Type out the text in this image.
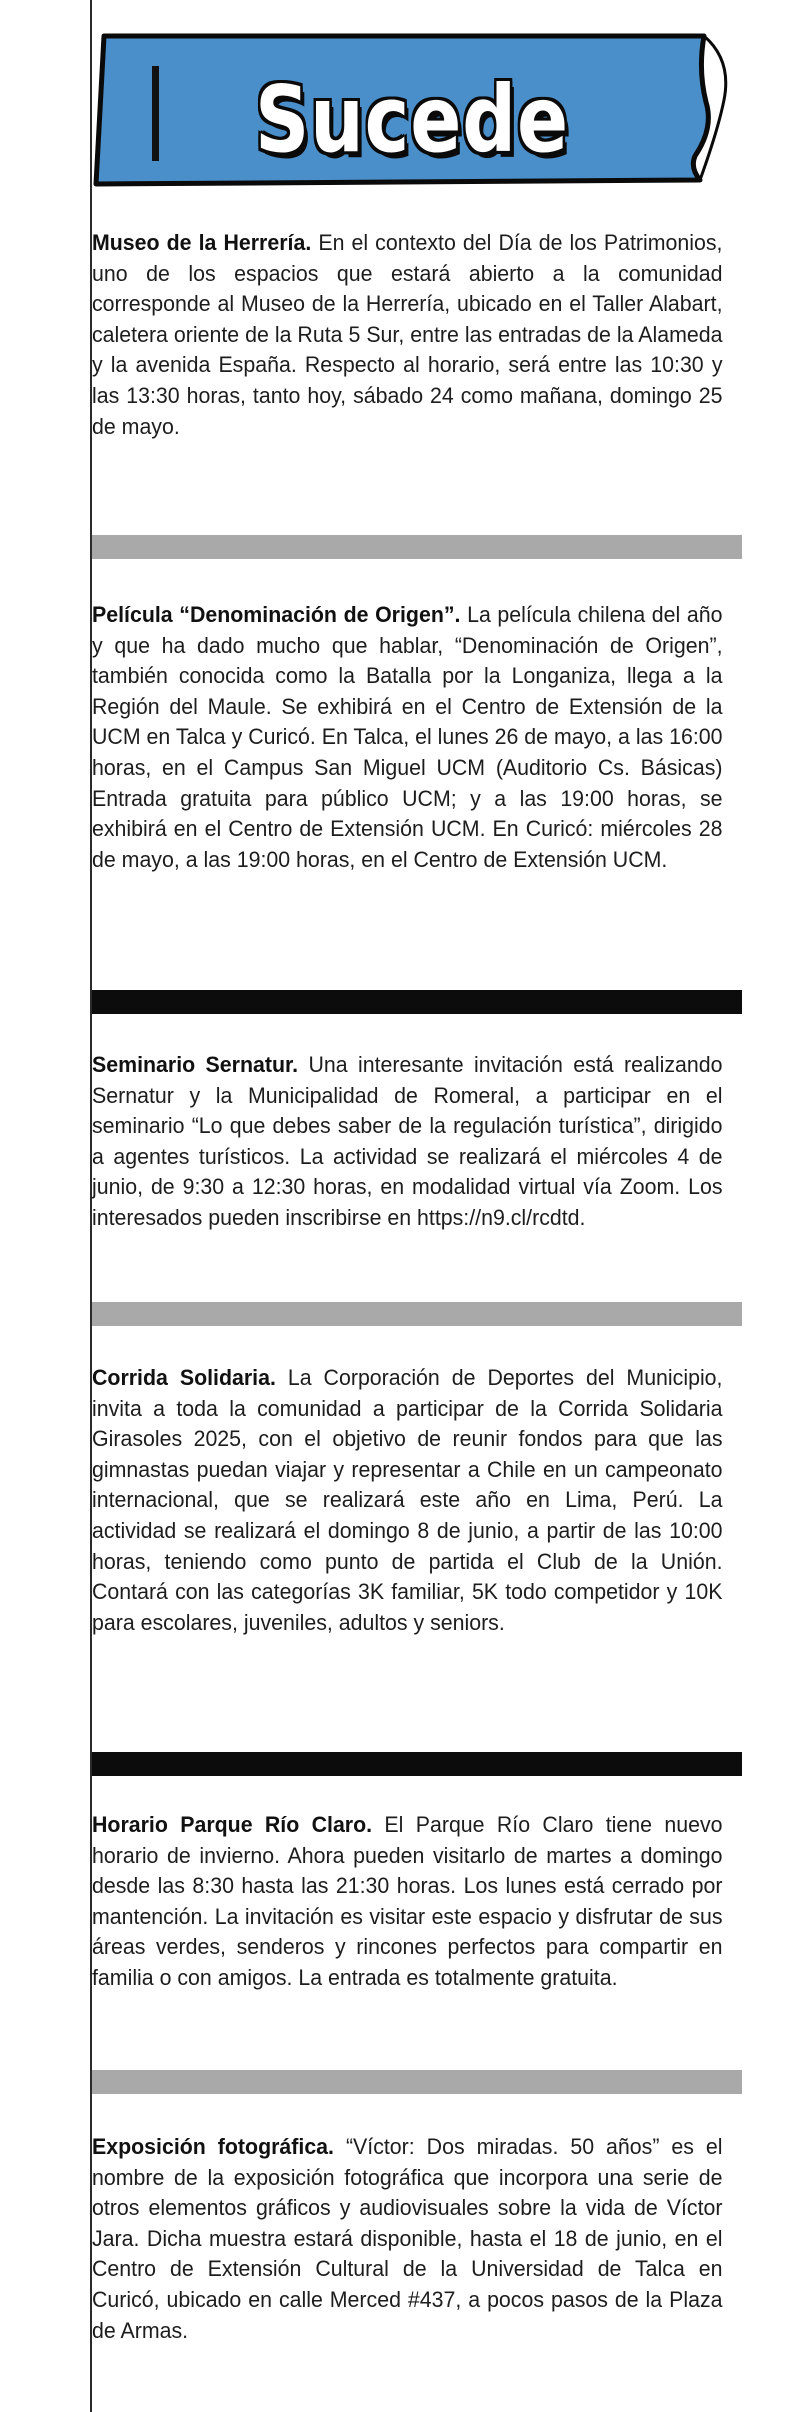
Sucede
Museo de la Herrería. En el contexto del Día de los Patrimonios, uno de los espacios que estará abierto a la comunidad corresponde al Museo de la Herrería, ubicado en el Taller Alabart, caletera oriente de la Ruta 5 Sur, entre las entradas de la Alameda y la avenida España. Respecto al horario, será entre las 10:30 y las 13:30 horas, tanto hoy, sábado 24 como mañana, domingo 25 de mayo.
Película “Denominación de Origen”. La película chilena del año y que ha dado mucho que hablar, “Denominación de Origen”, también conocida como la Batalla por la Longaniza, llega a la Región del Maule. Se exhibirá en el Centro de Extensión de la UCM en Talca y Curicó. En Talca, el lunes 26 de mayo, a las 16:00 horas, en el Campus San Miguel UCM (Auditorio Cs. Básicas) Entrada gratuita para público UCM; y a las 19:00 horas, se exhibirá en el Centro de Extensión UCM. En Curicó: miércoles 28 de mayo, a las 19:00 horas, en el Centro de Extensión UCM.
Seminario Sernatur. Una interesante invitación está realizando Sernatur y la Municipalidad de Romeral, a participar en el seminario “Lo que debes saber de la regulación turística”, dirigido a agentes turísticos. La actividad se realizará el miércoles 4 de junio, de 9:30 a 12:30 horas, en modalidad virtual vía Zoom. Los interesados pueden inscribirse en https://n9.cl/rcdtd.
Corrida Solidaria. La Corporación de Deportes del Municipio, invita a toda la comunidad a participar de la Corrida Solidaria Girasoles 2025, con el objetivo de reunir fondos para que las gimnastas puedan viajar y representar a Chile en un campeonato internacional, que se realizará este año en Lima, Perú. La actividad se realizará el domingo 8 de junio, a partir de las 10:00 horas, teniendo como punto de partida el Club de la Unión. Contará con las categorías 3K familiar, 5K todo competidor y 10K para escolares, juveniles, adultos y seniors.
Horario Parque Río Claro. El Parque Río Claro tiene nuevo horario de invierno. Ahora pueden visitarlo de martes a domingo desde las 8:30 hasta las 21:30 horas. Los lunes está cerrado por mantención. La invitación es visitar este espacio y disfrutar de sus áreas verdes, senderos y rincones perfectos para compartir en familia o con amigos. La entrada es totalmente gratuita.
Exposición fotográfica. “Víctor: Dos miradas. 50 años” es el nombre de la exposición fotográfica que incorpora una serie de otros elementos gráficos y audiovisuales sobre la vida de Víctor Jara. Dicha muestra estará disponible, hasta el 18 de junio, en el Centro de Extensión Cultural de la Universidad de Talca en Curicó, ubicado en calle Merced #437, a pocos pasos de la Plaza de Armas.
